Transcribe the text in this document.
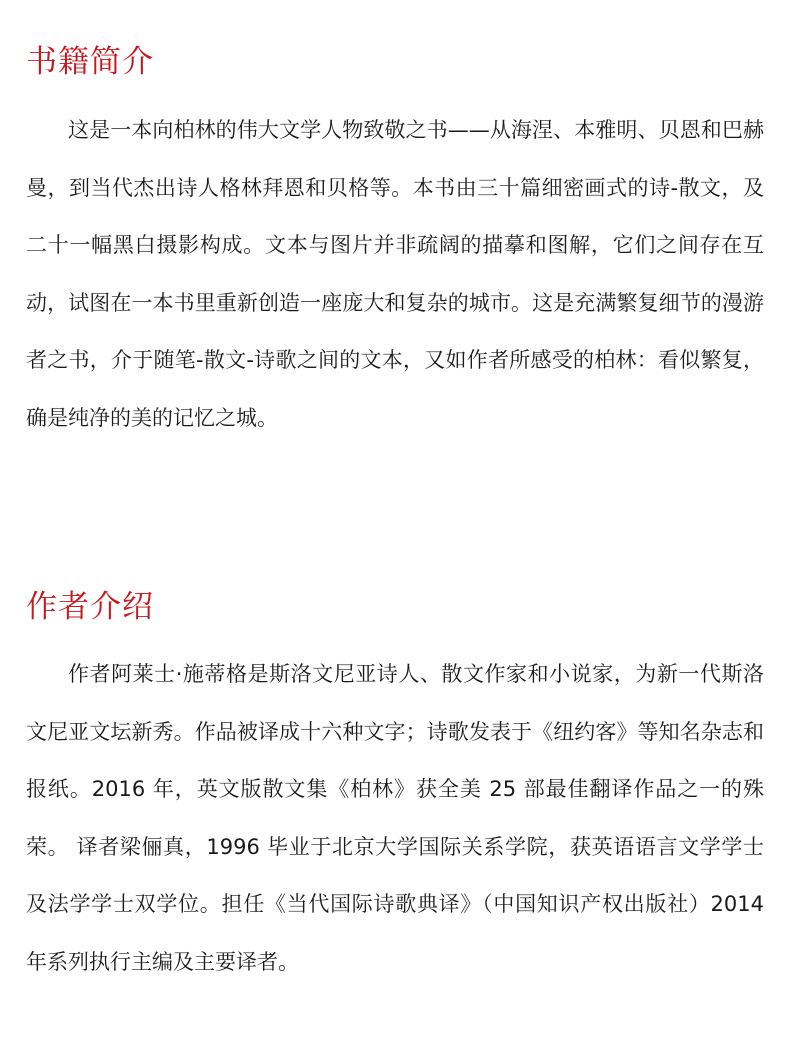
书籍简介

这是一本向柏林的伟大文学人物致敬之书——从海涅、本雅明、贝恩和巴赫曼，到当代杰出诗人格林拜恩和贝格等。本书由三十篇细密画式的诗-散文，及二十一幅黑白摄影构成。文本与图片并非疏阔的描摹和图解，它们之间存在互动，试图在一本书里重新创造一座庞大和复杂的城市。这是充满繁复细节的漫游者之书，介于随笔-散文-诗歌之间的文本，又如作者所感受的柏林：看似繁复，确是纯净的美的记忆之城。

作者介绍

作者阿莱士·施蒂格是斯洛文尼亚诗人、散文作家和小说家，为新一代斯洛文尼亚文坛新秀。作品被译成十六种文字；诗歌发表于《纽约客》等知名杂志和报纸。2016 年，英文版散文集《柏林》获全美 25 部最佳翻译作品之一的殊荣。 译者梁俪真，1996 毕业于北京大学国际关系学院，获英语语言文学学士及法学学士双学位。担任《当代国际诗歌典译》（中国知识产权出版社）2014 年系列执行主编及主要译者。
